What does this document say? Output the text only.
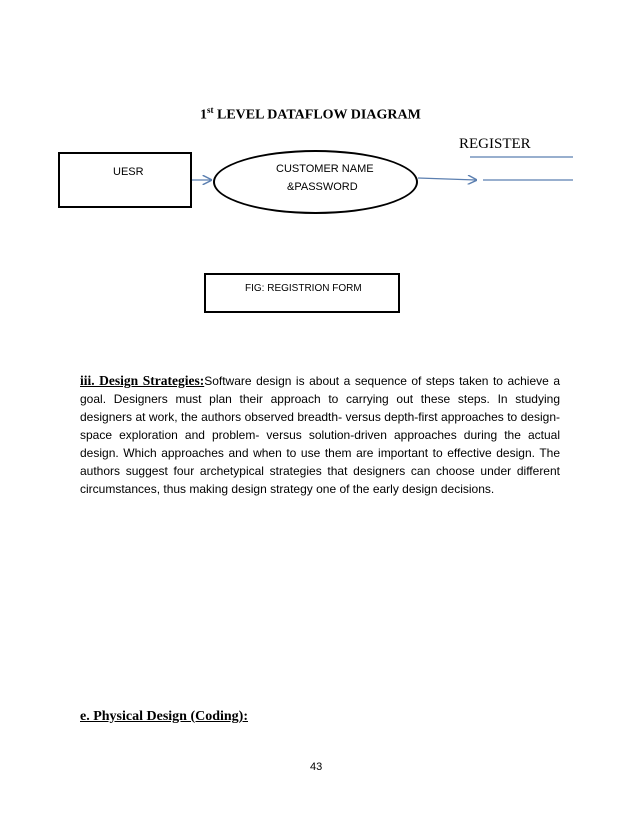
1st LEVEL DATAFLOW DIAGRAM
REGISTER
UESR	CUSTOMER NAME
&PASSWORD
FIG: REGISTRION FORM
iii. Design Strategies:Software design is about a sequence of steps taken to achieve a goal. Designers must plan their approach to carrying out these steps. In studying designers at work, the authors observed breadth- versus depth-first approaches to design-space exploration and problem- versus solution-driven approaches during the actual design. Which approaches and when to use them are important to effective design. The authors suggest four archetypical strategies that designers can choose under different circumstances, thus making design strategy one of the early design decisions.
e. Physical Design (Coding):
43
